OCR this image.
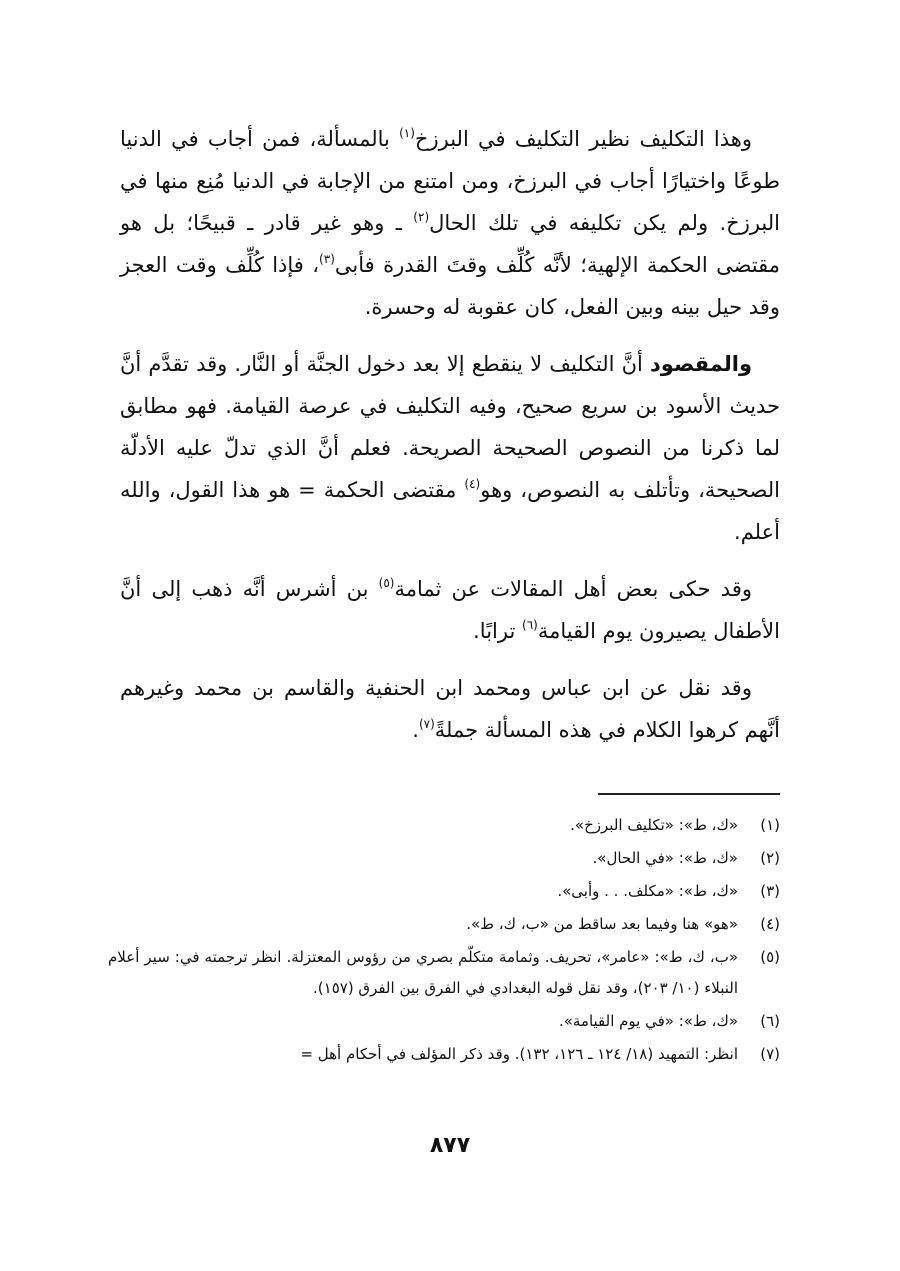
وهذا التكليف نظير التكليف في البرزخ$^{(١)}$ بالمسألة، فمن أجاب في الدنيا طوعًا واختيارًا أجاب في البرزخ، ومن امتنع من الإجابة في الدنيا مُنِع منها في البرزخ. ولم يكن تكليفه في تلك الحال$^{(٢)}$ ـ وهو غير قادر ـ قبيحًا؛ بل هو مقتضى الحكمة الإلهية؛ لأنَّه كُلِّف وقتَ القدرة فأبى$^{(٣)}$، فإذا كُلِّف وقت العجز وقد حيل بينه وبين الفعل، كان عقوبة له وحسرة.

والمقصود أنَّ التكليف لا ينقطع إلا بعد دخول الجنَّة أو النَّار. وقد تقدَّم أنَّ حديث الأسود بن سريع صحيح، وفيه التكليف في عرصة القيامة. فهو مطابق لما ذكرنا من النصوص الصحيحة الصريحة. فعلم أنَّ الذي تدلّ عليه الأدلّة الصحيحة، وتأتلف به النصوص، وهو$^{(٤)}$ مقتضى الحكمة = هو هذا القول، والله أعلم.

وقد حكى بعض أهل المقالات عن ثمامة$^{(٥)}$ بن أشرس أنَّه ذهب إلى أنَّ الأطفال يصيرون يوم القيامة$^{(٦)}$ ترابًا.

وقد نقل عن ابن عباس ومحمد ابن الحنفية والقاسم بن محمد وغيرهم أنَّهم كرهوا الكلام في هذه المسألة جملةً$^{(٧)}$.

(١)
«ك، ط»: «تكليف البرزخ».
(٢)
«ك، ط»: «في الحال».
(٣)
«ك، ط»: «مكلف. . . وأبى».
(٤)
«هو» هنا وفيما بعد ساقط من «ب، ك، ط».
(٥)
«ب، ك، ط»: «عامر»، تحريف. وثمامة متكلّم بصري من رؤوس المعتزلة. انظر ترجمته في: سير أعلام النبلاء (١٠/ ٢٠٣)، وقد نقل قوله البغدادي في الفرق بين الفرق (١٥٧).
(٦)
«ك، ط»: «في يوم القيامة».
(٧)
انظر: التمهيد (١٨/ ١٢٤ ـ ١٢٦، ١٣٢). وقد ذكر المؤلف في أحكام أهل =
٨٧٧
